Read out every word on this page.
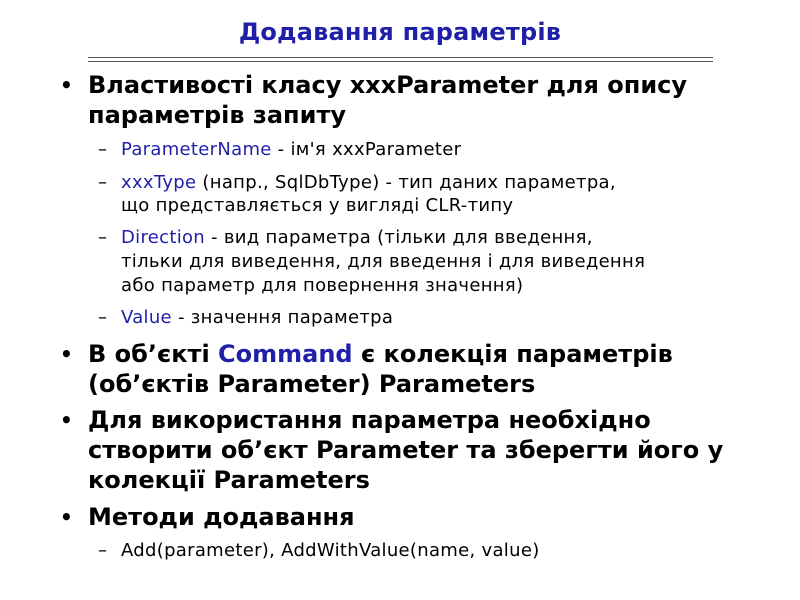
Додавання параметрів
• Властивості класу xxxParameter для опису
параметрів запиту
– ParameterName - ім'я xxxParameter
– xxxType (напр., SqlDbType) - тип даних параметра,
що представляється у вигляді CLR-типу
– Direction - вид параметра (тільки для введення,
тільки для виведення, для введення і для виведення
або параметр для повернення значення)
– Value - значення параметра
• В об’єкті Command є колекція параметрів
(об’єктів Parameter) Parameters
• Для використання параметра необхідно
створити об’єкт Parameter та зберегти його у
колекції Parameters
• Методи додавання
– Add(parameter), AddWithValue(name, value)
